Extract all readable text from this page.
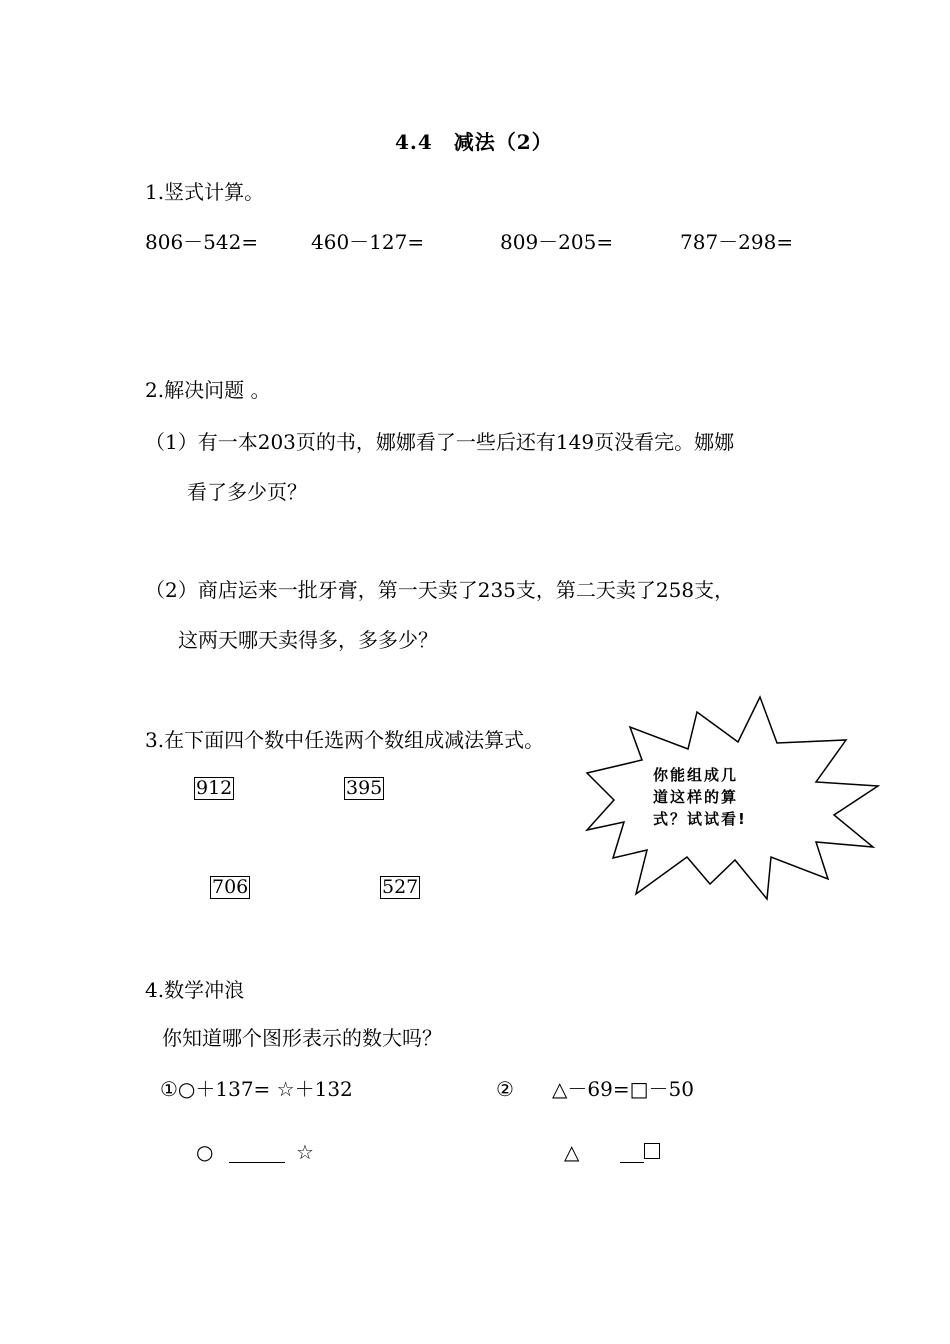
4.4　减法（2）
1.竖式计算。
806－542=	460－127=	809－205=	787－298=
2.解决问题 。
（1）有一本203页的书，娜娜看了一些后还有149页没看完。娜娜
看了多少页？
（2）商店运来一批牙膏，第一天卖了235支，第二天卖了258支，
这两天哪天卖得多，多多少？
3.在下面四个数中任选两个数组成减法算式。
912	395
706	527
你能组成几
道这样的算
式？试试看!
4.数学冲浪
你知道哪个图形表示的数大吗？
①○＋137= ☆＋132	② △－69=□－50
○	☆	△
